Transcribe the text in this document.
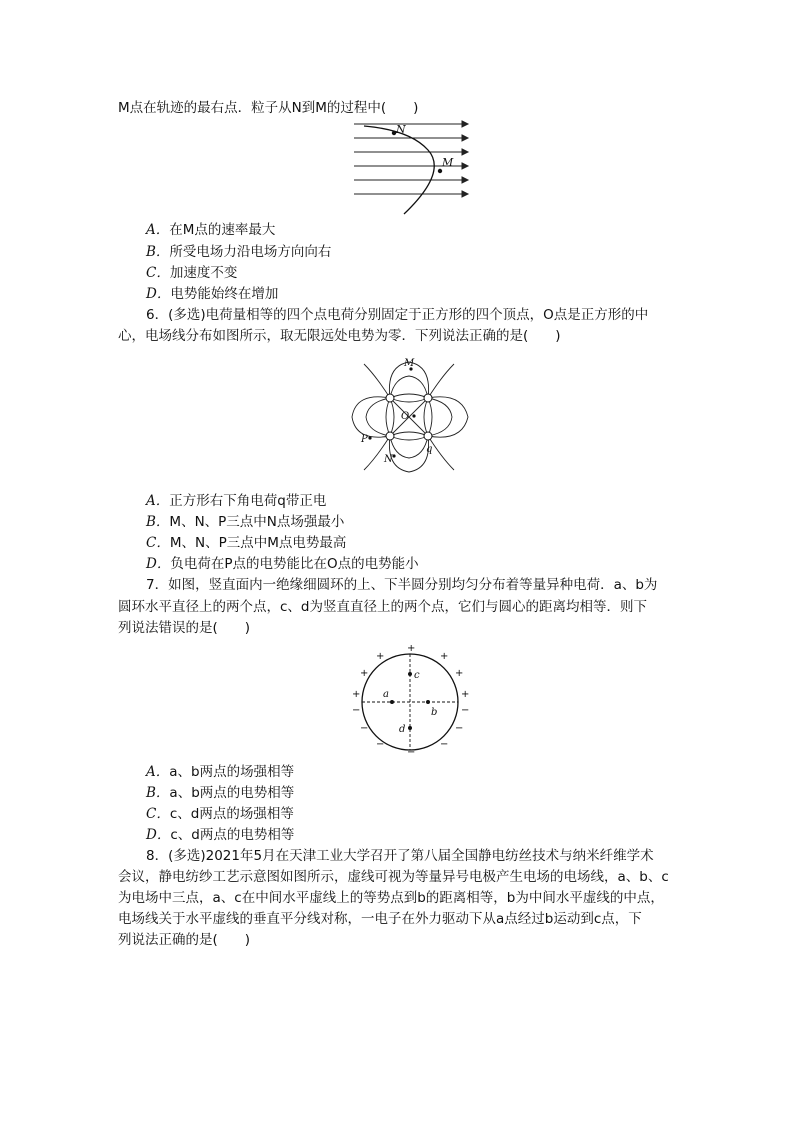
M点在轨迹的最右点．粒子从N到M的过程中(　　)
N
M
A．在M点的速率最大
B．所受电场力沿电场方向向右
C．加速度不变
D．电势能始终在增加
6．(多选)电荷量相等的四个点电荷分别固定于正方形的四个顶点，O点是正方形的中
心，电场线分布如图所示，取无限远处电势为零．下列说法正确的是(　　)
M
O
P
N
q
A．正方形右下角电荷q带正电
B．M、N、P三点中N点场强最小
C．M、N、P三点中M点电势最高
D．负电荷在P点的电势能比在O点的电势能小
7．如图，竖直面内一绝缘细圆环的上、下半圆分别均匀分布着等量异种电荷．a、b为
圆环水平直径上的两个点，c、d为竖直直径上的两个点，它们与圆心的距离均相等．则下
列说法错误的是(　　)
a
b
c
d
+
+	+
+	+
+	+
−	−
−	−
−	−
−
A．a、b两点的场强相等
B．a、b两点的电势相等
C．c、d两点的场强相等
D．c、d两点的电势相等
8．(多选)2021年5月在天津工业大学召开了第八届全国静电纺丝技术与纳米纤维学术
会议，静电纺纱工艺示意图如图所示，虚线可视为等量异号电极产生电场的电场线，a、b、c
为电场中三点，a、c在中间水平虚线上的等势点到b的距离相等，b为中间水平虚线的中点，
电场线关于水平虚线的垂直平分线对称，一电子在外力驱动下从a点经过b运动到c点，下
列说法正确的是(　　)
